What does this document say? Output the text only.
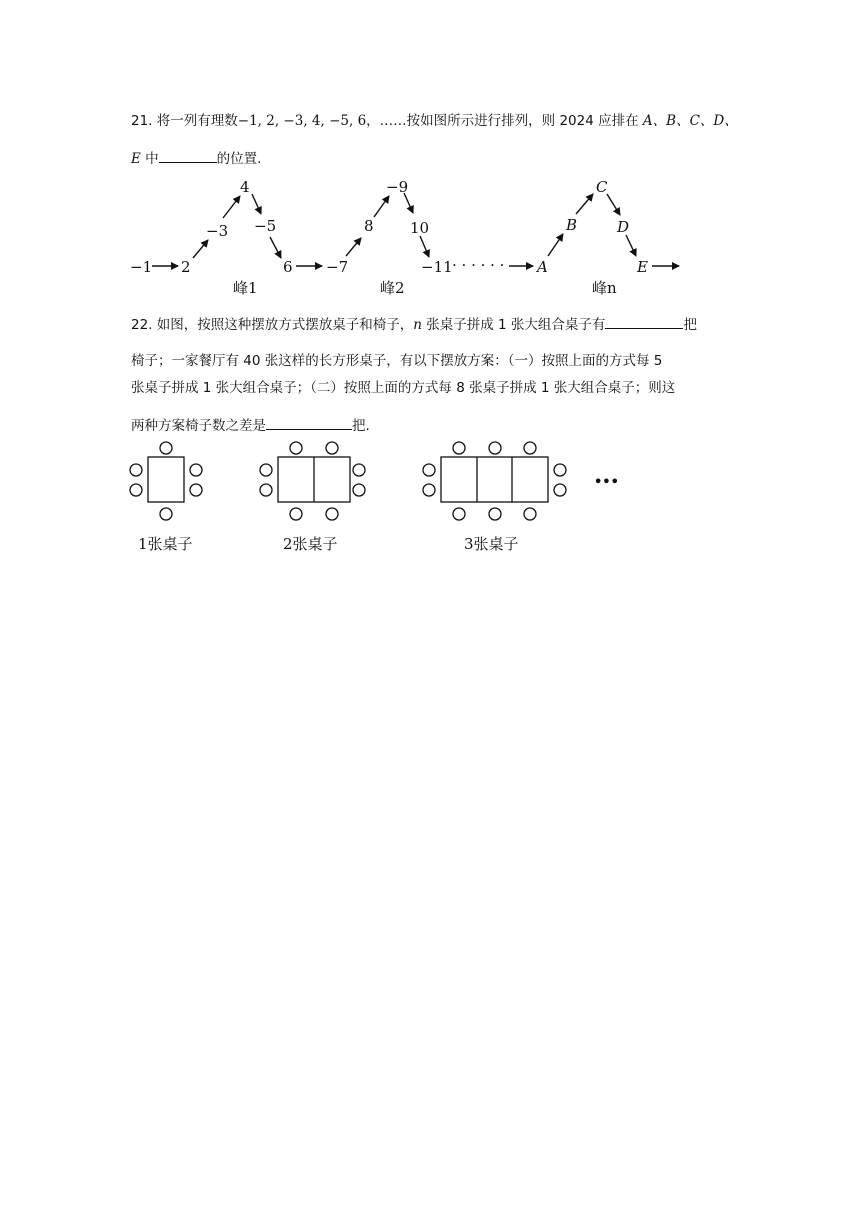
21. 将一列有理数−1, 2, −3, 4, −5, 6，……按如图所示进行排列，则 2024 应排在 A、B、C、D、
E 中	的位置.
−1 2
−3
4
−5
6 −7
8
−9
10
−11 · · · · · · A
B
C
D
E
峰1	峰2	峰n
•••
1张桌子	2张桌子	3张桌子
22. 如图，按照这种摆放方式摆放桌子和椅子，n 张桌子拼成 1 张大组合桌子有	把
椅子；一家餐厅有 40 张这样的长方形桌子，有以下摆放方案：（一）按照上面的方式每 5
张桌子拼成 1 张大组合桌子；（二）按照上面的方式每 8 张桌子拼成 1 张大组合桌子；则这
两种方案椅子数之差是	把.
